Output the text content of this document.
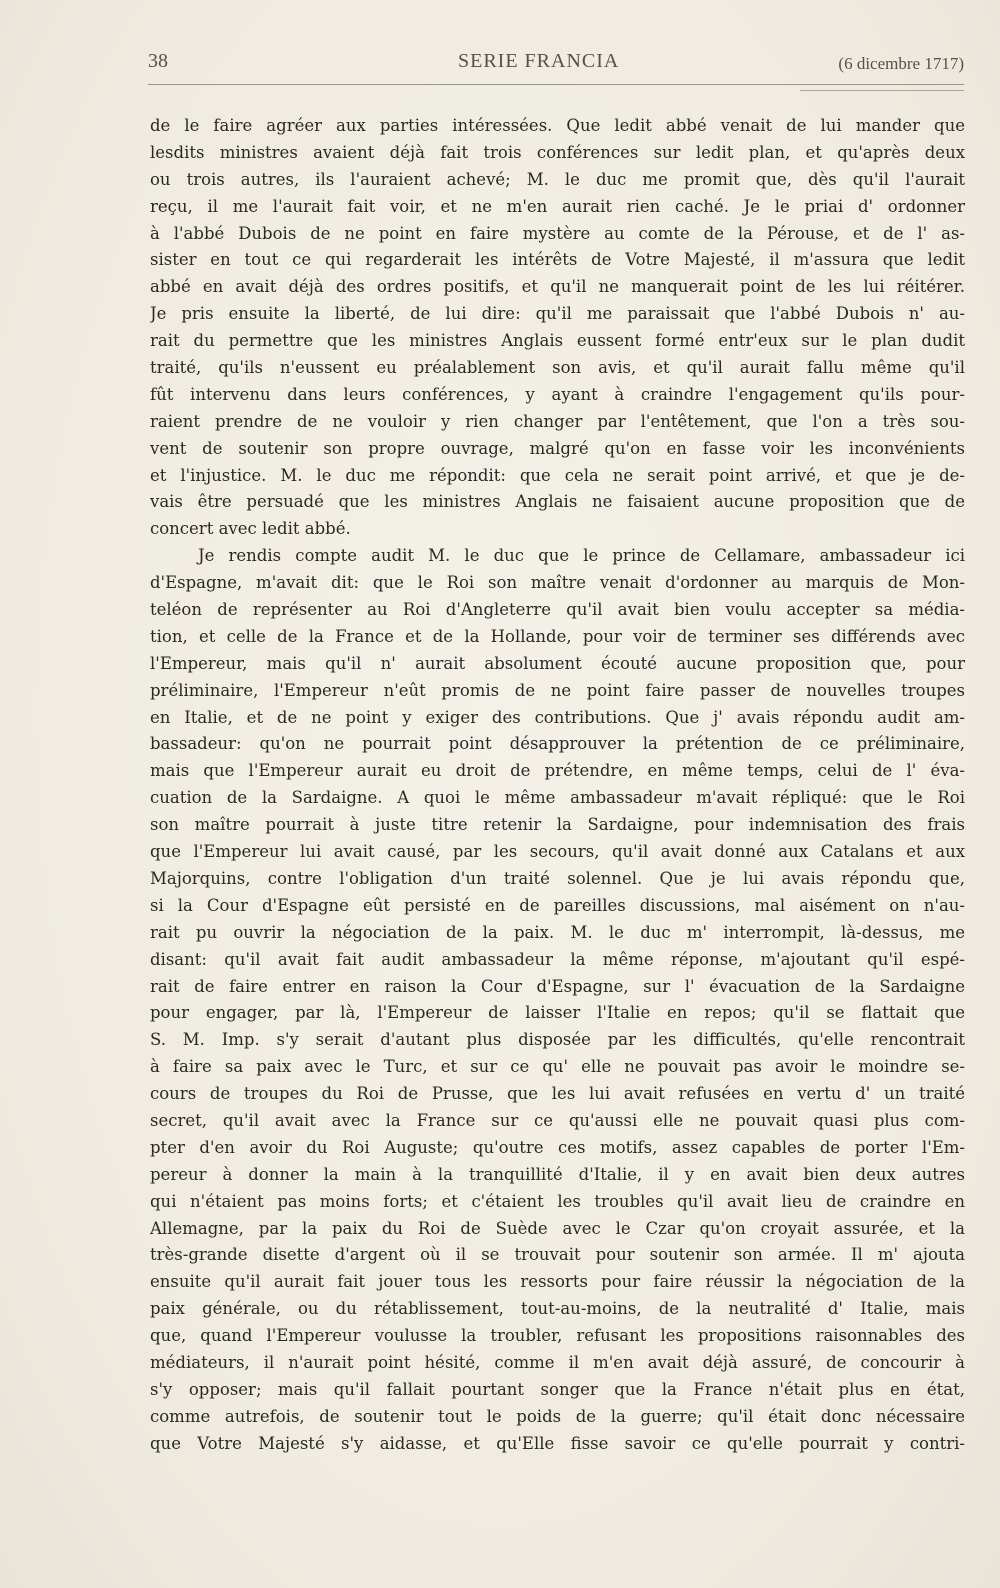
38	SERIE FRANCIA	(6 dicembre 1717)
de le faire agréer aux parties intéressées. Que ledit abbé venait de lui mander que
lesdits ministres avaient déjà fait trois conférences sur ledit plan, et qu'après deux
ou trois autres, ils l'auraient achevé; M. le duc me promit que, dès qu'il l'aurait
reçu, il me l'aurait fait voir, et ne m'en aurait rien caché. Je le priai d' ordonner
à l'abbé Dubois de ne point en faire mystère au comte de la Pérouse, et de l' as-
sister en tout ce qui regarderait les intérêts de Votre Majesté, il m'assura que ledit
abbé en avait déjà des ordres positifs, et qu'il ne manquerait point de les lui réitérer.
Je pris ensuite la liberté, de lui dire: qu'il me paraissait que l'abbé Dubois n' au-
rait du permettre que les ministres Anglais eussent formé entr'eux sur le plan dudit
traité, qu'ils n'eussent eu préalablement son avis, et qu'il aurait fallu même qu'il
fût intervenu dans leurs conférences, y ayant à craindre l'engagement qu'ils pour-
raient prendre de ne vouloir y rien changer par l'entêtement, que l'on a très sou-
vent de soutenir son propre ouvrage, malgré qu'on en fasse voir les inconvénients
et l'injustice. M. le duc me répondit: que cela ne serait point arrivé, et que je de-
vais être persuadé que les ministres Anglais ne faisaient aucune proposition que de
concert avec ledit abbé.
Je rendis compte audit M. le duc que le prince de Cellamare, ambassadeur ici
d'Espagne, m'avait dit: que le Roi son maître venait d'ordonner au marquis de Mon-
teléon de représenter au Roi d'Angleterre qu'il avait bien voulu accepter sa média-
tion, et celle de la France et de la Hollande, pour voir de terminer ses différends avec
l'Empereur, mais qu'il n' aurait absolument écouté aucune proposition que, pour
préliminaire, l'Empereur n'eût promis de ne point faire passer de nouvelles troupes
en Italie, et de ne point y exiger des contributions. Que j' avais répondu audit am-
bassadeur: qu'on ne pourrait point désapprouver la prétention de ce préliminaire,
mais que l'Empereur aurait eu droit de prétendre, en même temps, celui de l' éva-
cuation de la Sardaigne. A quoi le même ambassadeur m'avait répliqué: que le Roi
son maître pourrait à juste titre retenir la Sardaigne, pour indemnisation des frais
que l'Empereur lui avait causé, par les secours, qu'il avait donné aux Catalans et aux
Majorquins, contre l'obligation d'un traité solennel. Que je lui avais répondu que,
si la Cour d'Espagne eût persisté en de pareilles discussions, mal aisément on n'au-
rait pu ouvrir la négociation de la paix. M. le duc m' interrompit, là-dessus, me
disant: qu'il avait fait audit ambassadeur la même réponse, m'ajoutant qu'il espé-
rait de faire entrer en raison la Cour d'Espagne, sur l' évacuation de la Sardaigne
pour engager, par là, l'Empereur de laisser l'Italie en repos; qu'il se flattait que
S. M. Imp. s'y serait d'autant plus disposée par les difficultés, qu'elle rencontrait
à faire sa paix avec le Turc, et sur ce qu' elle ne pouvait pas avoir le moindre se-
cours de troupes du Roi de Prusse, que les lui avait refusées en vertu d' un traité
secret, qu'il avait avec la France sur ce qu'aussi elle ne pouvait quasi plus com-
pter d'en avoir du Roi Auguste; qu'outre ces motifs, assez capables de porter l'Em-
pereur à donner la main à la tranquillité d'Italie, il y en avait bien deux autres
qui n'étaient pas moins forts; et c'étaient les troubles qu'il avait lieu de craindre en
Allemagne, par la paix du Roi de Suède avec le Czar qu'on croyait assurée, et la
très-grande disette d'argent où il se trouvait pour soutenir son armée. Il m' ajouta
ensuite qu'il aurait fait jouer tous les ressorts pour faire réussir la négociation de la
paix générale, ou du rétablissement, tout-au-moins, de la neutralité d' Italie, mais
que, quand l'Empereur voulusse la troubler, refusant les propositions raisonnables des
médiateurs, il n'aurait point hésité, comme il m'en avait déjà assuré, de concourir à
s'y opposer; mais qu'il fallait pourtant songer que la France n'était plus en état,
comme autrefois, de soutenir tout le poids de la guerre; qu'il était donc nécessaire
que Votre Majesté s'y aidasse, et qu'Elle fisse savoir ce qu'elle pourrait y contri-
